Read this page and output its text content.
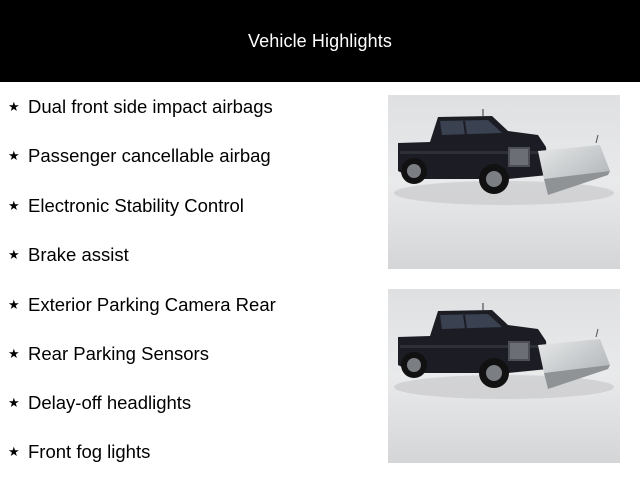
Vehicle Highlights
★ Dual front side impact airbags
★ Passenger cancellable airbag
★ Electronic Stability Control
★ Brake assist
★ Exterior Parking Camera Rear
★ Rear Parking Sensors
★ Delay-off headlights
★ Front fog lights
